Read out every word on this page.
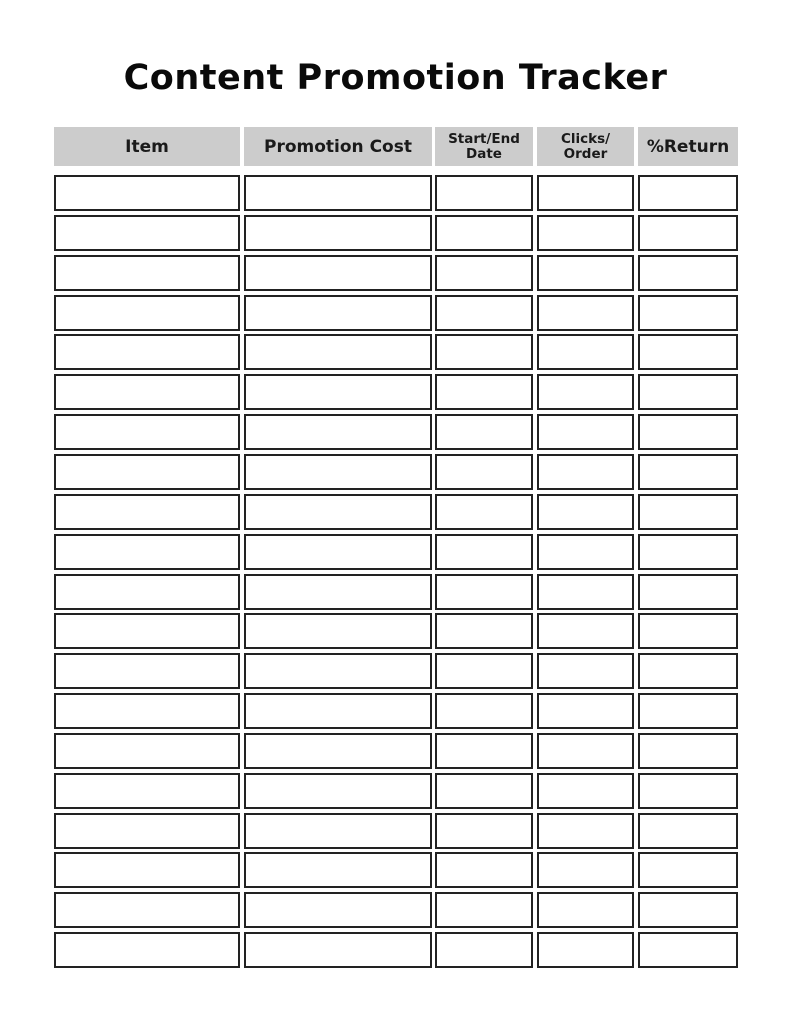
Content Promotion Tracker
Item	Promotion Cost	Start/End
Date
Clicks/
Order %Return
